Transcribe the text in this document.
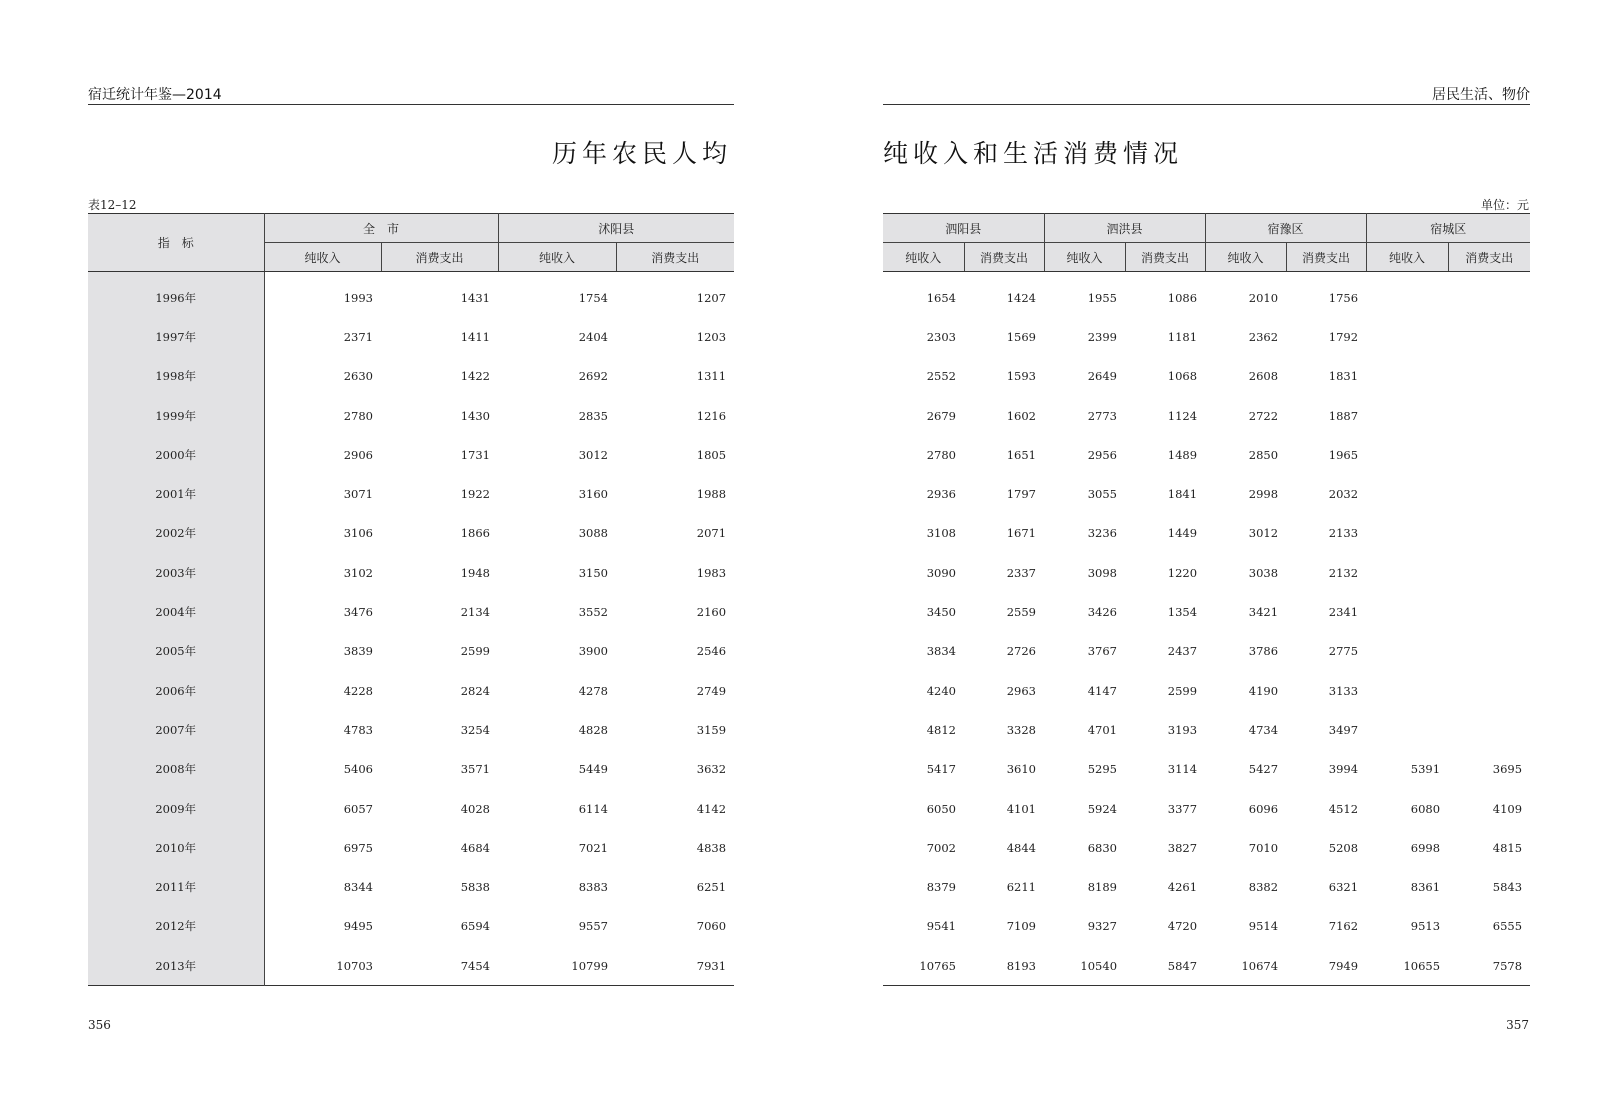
宿迁统计年鉴—2014
历年农民人均
表12–12
指　标	全　市		沭阳县	
	纯收入	消费支出	纯收入	消费支出
1996年	1993	1431	1754	1207
1997年	2371	1411	2404	1203
1998年	2630	1422	2692	1311
1999年	2780	1430	2835	1216
2000年	2906	1731	3012	1805
2001年	3071	1922	3160	1988
2002年	3106	1866	3088	2071
2003年	3102	1948	3150	1983
2004年	3476	2134	3552	2160
2005年	3839	2599	3900	2546
2006年	4228	2824	4278	2749
2007年	4783	3254	4828	3159
2008年	5406	3571	5449	3632
2009年	6057	4028	6114	4142
2010年	6975	4684	7021	4838
2011年	8344	5838	8383	6251
2012年	9495	6594	9557	7060
2013年	10703	7454	10799	7931
356
居民生活、物价
纯收入和生活消费情况
单位：元
泗阳县		泗洪县		宿豫区		宿城区	
纯收入	消费支出	纯收入	消费支出	纯收入	消费支出	纯收入	消费支出
1654	1424	1955	1086	2010	1756		
2303	1569	2399	1181	2362	1792		
2552	1593	2649	1068	2608	1831		
2679	1602	2773	1124	2722	1887		
2780	1651	2956	1489	2850	1965		
2936	1797	3055	1841	2998	2032		
3108	1671	3236	1449	3012	2133		
3090	2337	3098	1220	3038	2132		
3450	2559	3426	1354	3421	2341		
3834	2726	3767	2437	3786	2775		
4240	2963	4147	2599	4190	3133		
4812	3328	4701	3193	4734	3497		
5417	3610	5295	3114	5427	3994	5391	3695
6050	4101	5924	3377	6096	4512	6080	4109
7002	4844	6830	3827	7010	5208	6998	4815
8379	6211	8189	4261	8382	6321	8361	5843
9541	7109	9327	4720	9514	7162	9513	6555
10765	8193	10540	5847	10674	7949	10655	7578
357
